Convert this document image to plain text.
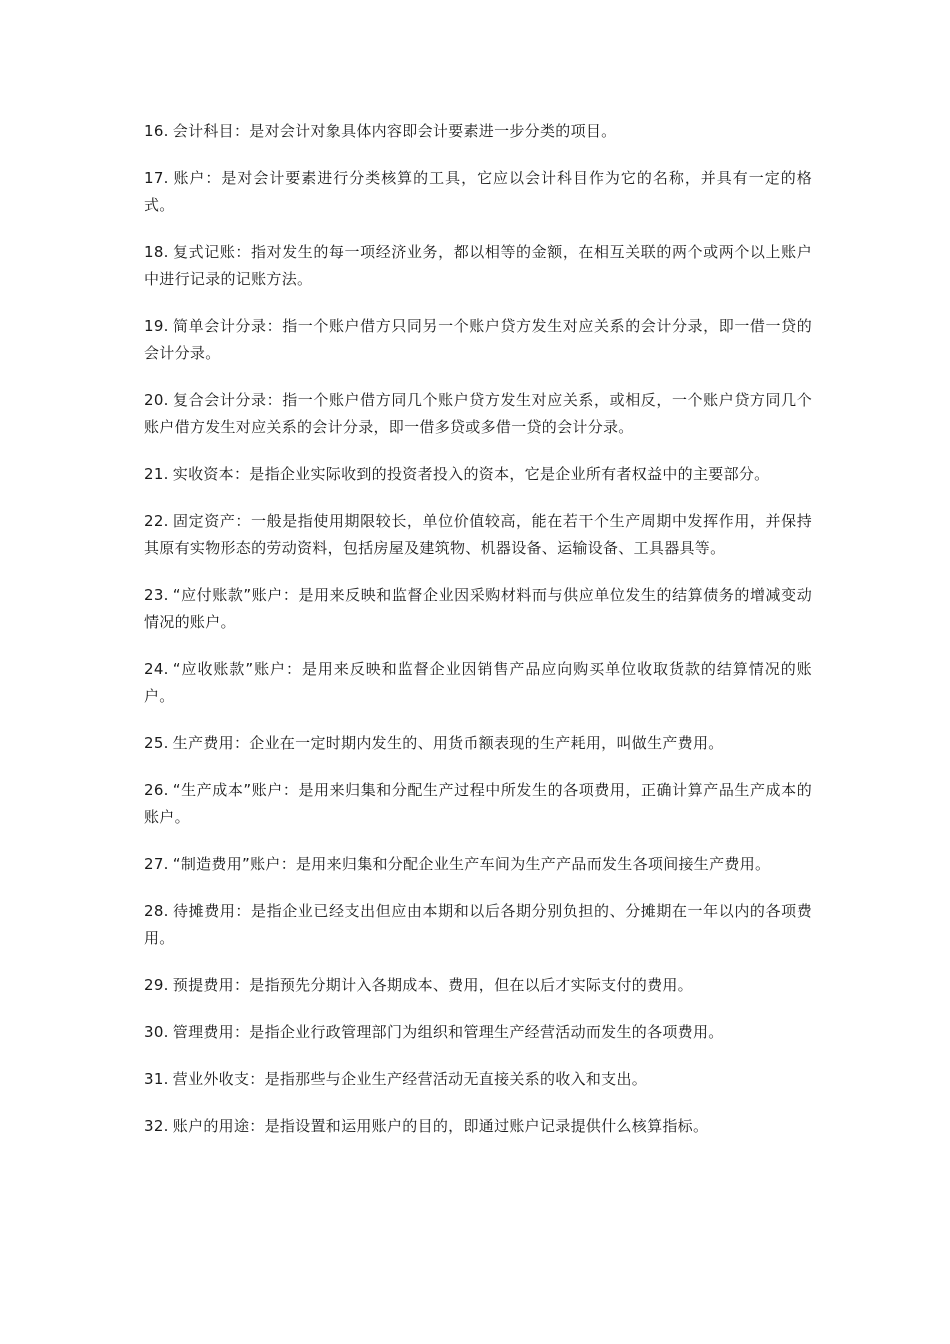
16. 会计科目：是对会计对象具体内容即会计要素进一步分类的项目。

17. 账户：是对会计要素进行分类核算的工具，它应以会计科目作为它的名称，并具有一定的格式。

18. 复式记账：指对发生的每一项经济业务，都以相等的金额，在相互关联的两个或两个以上账户中进行记录的记账方法。

19. 简单会计分录：指一个账户借方只同另一个账户贷方发生对应关系的会计分录，即一借一贷的会计分录。

20. 复合会计分录：指一个账户借方同几个账户贷方发生对应关系，或相反，一个账户贷方同几个账户借方发生对应关系的会计分录，即一借多贷或多借一贷的会计分录。

21. 实收资本：是指企业实际收到的投资者投入的资本，它是企业所有者权益中的主要部分。

22. 固定资产：一般是指使用期限较长，单位价值较高，能在若干个生产周期中发挥作用，并保持其原有实物形态的劳动资料，包括房屋及建筑物、机器设备、运输设备、工具器具等。

23. “应付账款”账户：是用来反映和监督企业因采购材料而与供应单位发生的结算债务的增减变动情况的账户。

24. “应收账款”账户：是用来反映和监督企业因销售产品应向购买单位收取货款的结算情况的账户。

25. 生产费用：企业在一定时期内发生的、用货币额表现的生产耗用，叫做生产费用。

26. “生产成本”账户：是用来归集和分配生产过程中所发生的各项费用，正确计算产品生产成本的账户。

27. “制造费用”账户：是用来归集和分配企业生产车间为生产产品而发生各项间接生产费用。

28. 待摊费用：是指企业已经支出但应由本期和以后各期分别负担的、分摊期在一年以内的各项费用。

29. 预提费用：是指预先分期计入各期成本、费用，但在以后才实际支付的费用。

30. 管理费用：是指企业行政管理部门为组织和管理生产经营活动而发生的各项费用。

31. 营业外收支：是指那些与企业生产经营活动无直接关系的收入和支出。

32. 账户的用途：是指设置和运用账户的目的，即通过账户记录提供什么核算指标。
